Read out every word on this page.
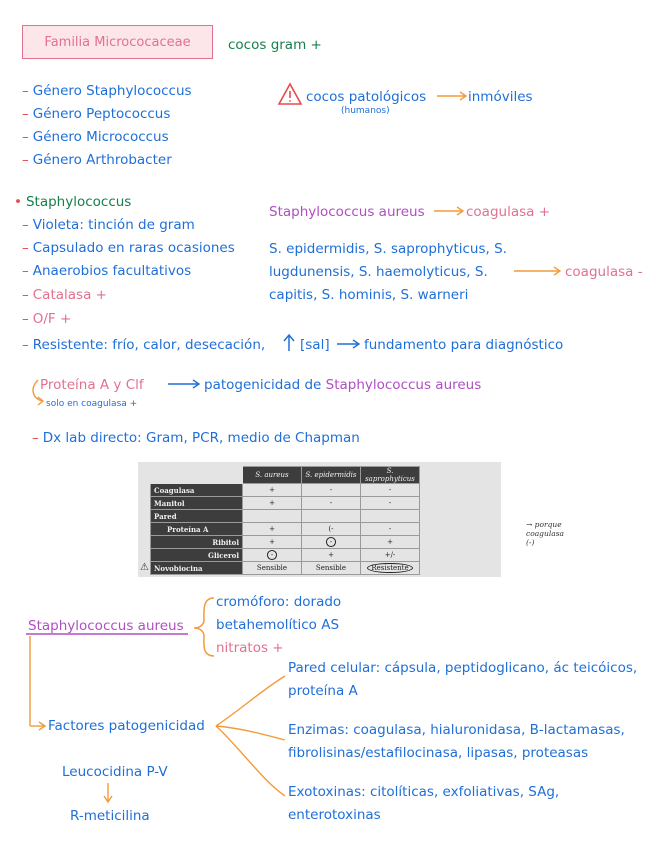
Familia Micrococaceae	cocos gram +
– Género Staphylococcus
– Género Peptococcus
– Género Micrococcus
– Género Arthrobacter
cocos patológicos
(humanos)
inmóviles
• Staphylococcus
– Violeta: tinción de gram
– Capsulado en raras ocasiones
– Anaerobios facultativos
– Catalasa +
– O/F +
– Resistente: frío, calor, desecación,	[sal]	fundamento para diagnóstico
Staphylococcus aureus	coagulasa +
S. epidermidis, S. saprophyticus, S.
lugdunensis, S. haemolyticus, S.
capitis, S. hominis, S. warneri
coagulasa -
Proteína A y Clf	patogenicidad de Staphylococcus aureus
solo en coagulasa +
– Dx lab directo: Gram, PCR, medio de Chapman
	S. aureus	S. epidermidis	S. saprophyticus
Coagulasa	+	-	-
Manitol	+	-	-
Pared			
Proteína A	+	(-	-
Ribitol	+	-	+
Glicerol	-	+	+/-
Novobiocina	Sensible	Sensible	Resistente
→ porque coagulasa (-)
⚠
Staphylococcus aureus
cromóforo: dorado
betahemolítico AS
nitratos +
Factores patogenicidad
Pared celular: cápsula, peptidoglicano, ác teicóicos,
proteína A
Enzimas: coagulasa, hialuronidasa, B-lactamasas,
fibrolisinas/estafilocinasa, lipasas, proteasas
Exotoxinas: citolíticas, exfoliativas, SAg,
enterotoxinas
Leucocidina P-V
R-meticilina
